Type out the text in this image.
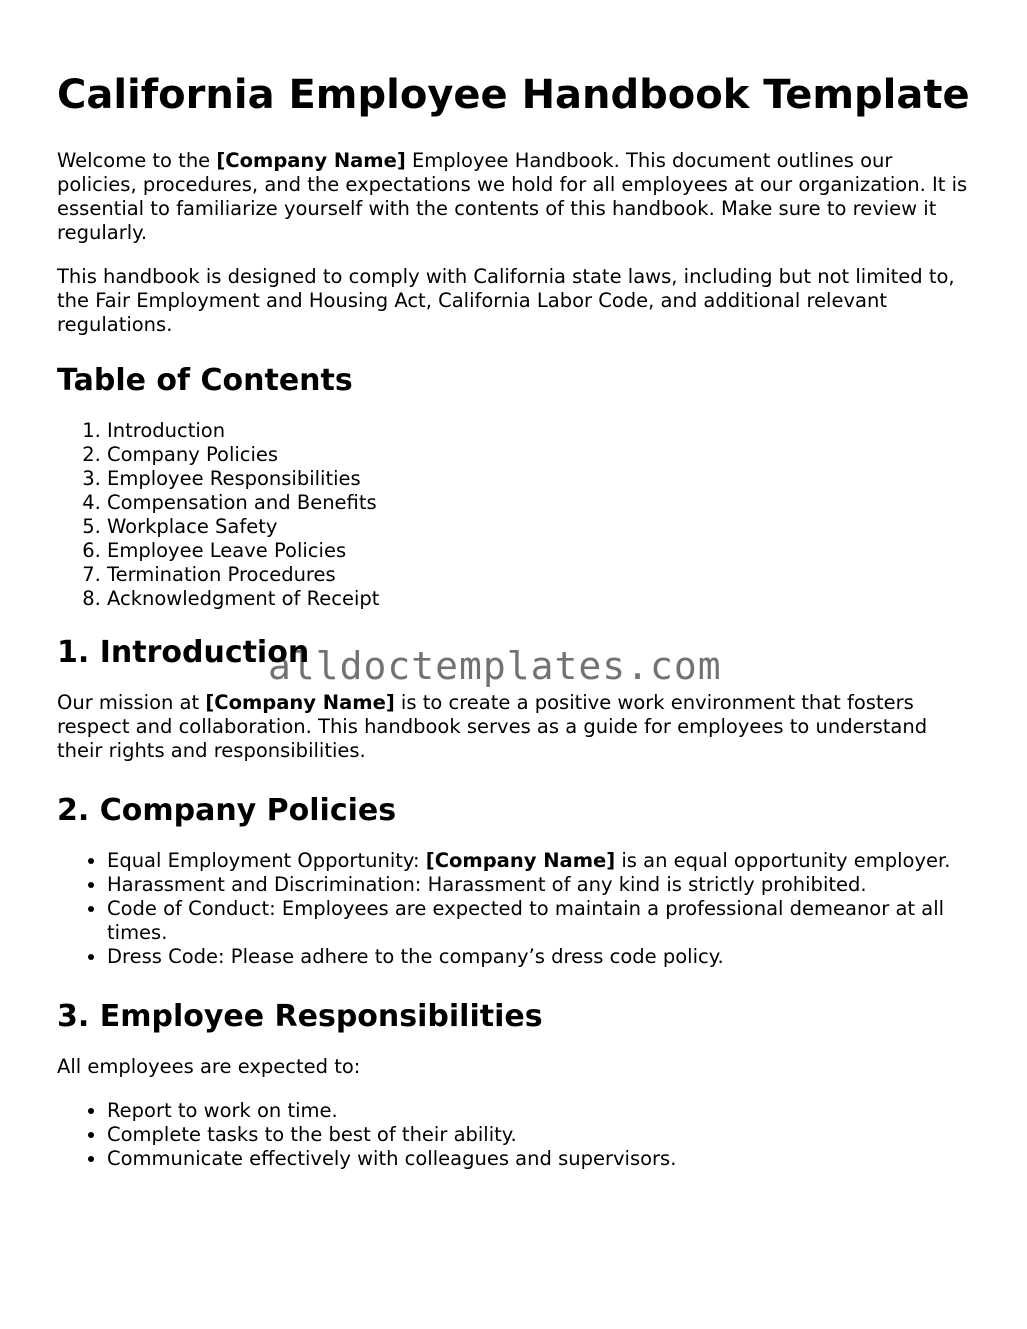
California Employee Handbook Template

Welcome to the [Company Name] Employee Handbook. This document outlines our policies, procedures, and the expectations we hold for all employees at our organization. It is essential to familiarize yourself with the contents of this handbook. Make sure to review it regularly.

This handbook is designed to comply with California state laws, including but not limited to, the Fair Employment and Housing Act, California Labor Code, and additional relevant regulations.

Table of Contents
1. Introduction
2. Company Policies
3. Employee Responsibilities
4. Compensation and Benefits
5. Workplace Safety
6. Employee Leave Policies
7. Termination Procedures
8. Acknowledgment of Receipt
1. Introduction

Our mission at [Company Name] is to create a positive work environment that fosters respect and collaboration. This handbook serves as a guide for employees to understand their rights and responsibilities.

2. Company Policies
• Equal Employment Opportunity: [Company Name] is an equal opportunity employer.
• Harassment and Discrimination: Harassment of any kind is strictly prohibited.
• Code of Conduct: Employees are expected to maintain a professional demeanor at all times.
• Dress Code: Please adhere to the company’s dress code policy.
3. Employee Responsibilities

All employees are expected to:

• Report to work on time.
• Complete tasks to the best of their ability.
• Communicate effectively with colleagues and supervisors.
alldoctemplates.com
